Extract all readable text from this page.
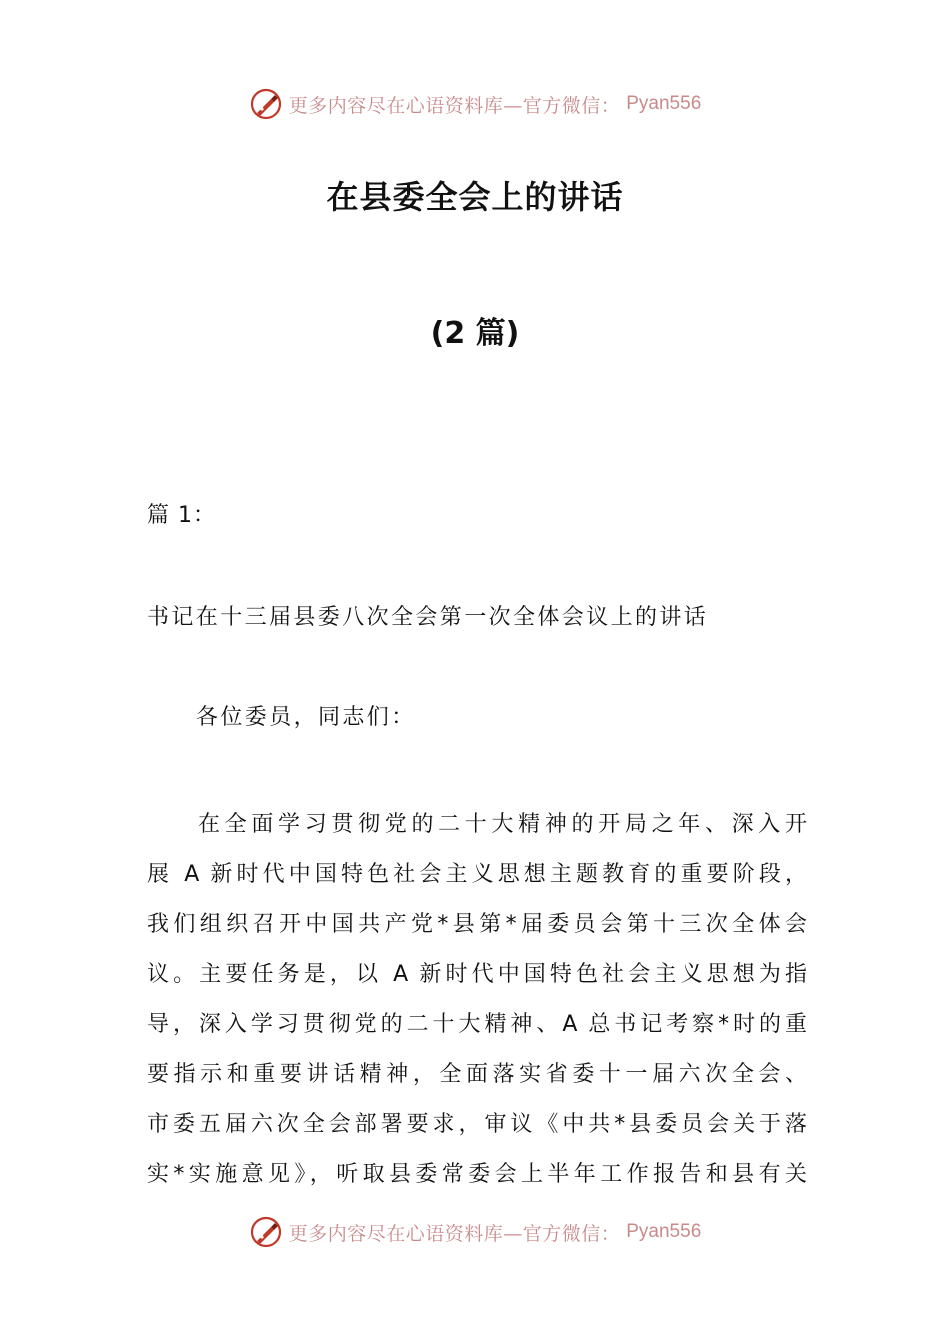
更多内容尽在心语资料库—官方微信： Pyan556
在县委全会上的讲话
(2 篇)
篇 1：
书记在十三届县委八次全会第一次全体会议上的讲话
各位委员，同志们：
在全面学习贯彻党的二十大精神的开局之年、深入开
展 A 新时代中国特色社会主义思想主题教育的重要阶段，
我们组织召开中国共产党*县第*届委员会第十三次全体会
议。主要任务是，以 A 新时代中国特色社会主义思想为指
导，深入学习贯彻党的二十大精神、A 总书记考察*时的重
要指示和重要讲话精神，全面落实省委十一届六次全会、
市委五届六次全会部署要求，审议《中共*县委员会关于落
实*实施意见》，听取县委常委会上半年工作报告和县有关
更多内容尽在心语资料库—官方微信： Pyan556
